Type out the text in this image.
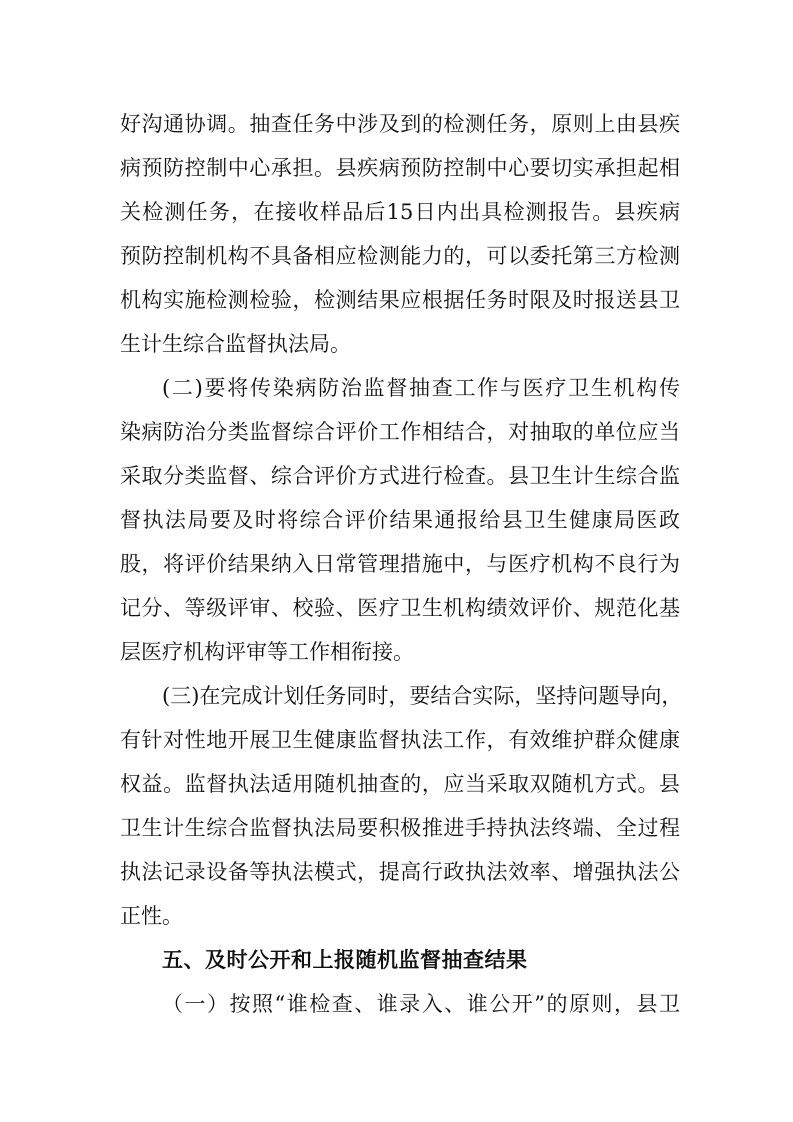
好沟通协调。抽查任务中涉及到的检测任务，原则上由县疾
病预防控制中心承担。县疾病预防控制中心要切实承担起相
关检测任务，在接收样品后15日内出具检测报告。县疾病
预防控制机构不具备相应检测能力的，可以委托第三方检测
机构实施检测检验，检测结果应根据任务时限及时报送县卫
生计生综合监督执法局。
(二)要将传染病防治监督抽查工作与医疗卫生机构传
染病防治分类监督综合评价工作相结合，对抽取的单位应当
采取分类监督、综合评价方式进行检查。县卫生计生综合监
督执法局要及时将综合评价结果通报给县卫生健康局医政
股，将评价结果纳入日常管理措施中，与医疗机构不良行为
记分、等级评审、校验、医疗卫生机构绩效评价、规范化基
层医疗机构评审等工作相衔接。
(三)在完成计划任务同时，要结合实际，坚持问题导向，
有针对性地开展卫生健康监督执法工作，有效维护群众健康
权益。监督执法适用随机抽查的，应当采取双随机方式。县
卫生计生综合监督执法局要积极推进手持执法终端、全过程
执法记录设备等执法模式，提高行政执法效率、增强执法公
正性。
五、及时公开和上报随机监督抽查结果
（一）按照“谁检查、谁录入、谁公开”的原则，县卫
